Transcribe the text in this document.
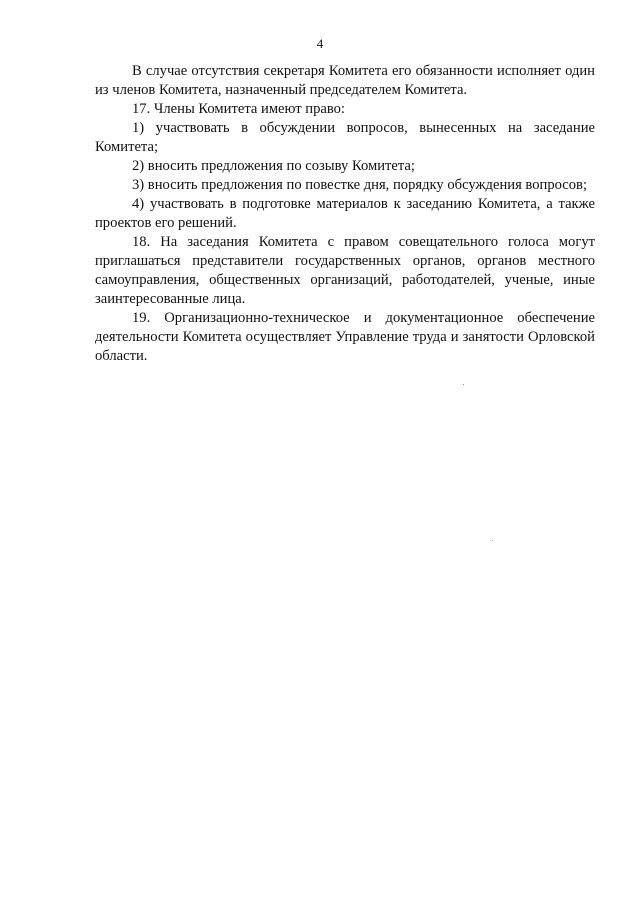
4

В случае отсутствия секретаря Комитета его обязанности исполняет один из членов Комитета, назначенный председателем Комитета.

17. Члены Комитета имеют право:

1) участвовать в обсуждении вопросов, вынесенных на заседание Комитета;

2) вносить предложения по созыву Комитета;

3) вносить предложения по повестке дня, порядку обсуждения вопросов;

4) участвовать в подготовке материалов к заседанию Комитета, а также проектов его решений.

18. На заседания Комитета с правом совещательного голоса могут приглашаться представители государственных органов, органов местного самоуправления, общественных организаций, работодателей, ученые, иные заинтересованные лица.

19. Организационно-техническое и документационное обеспечение деятельности Комитета осуществляет Управление труда и занятости Орловской области.
